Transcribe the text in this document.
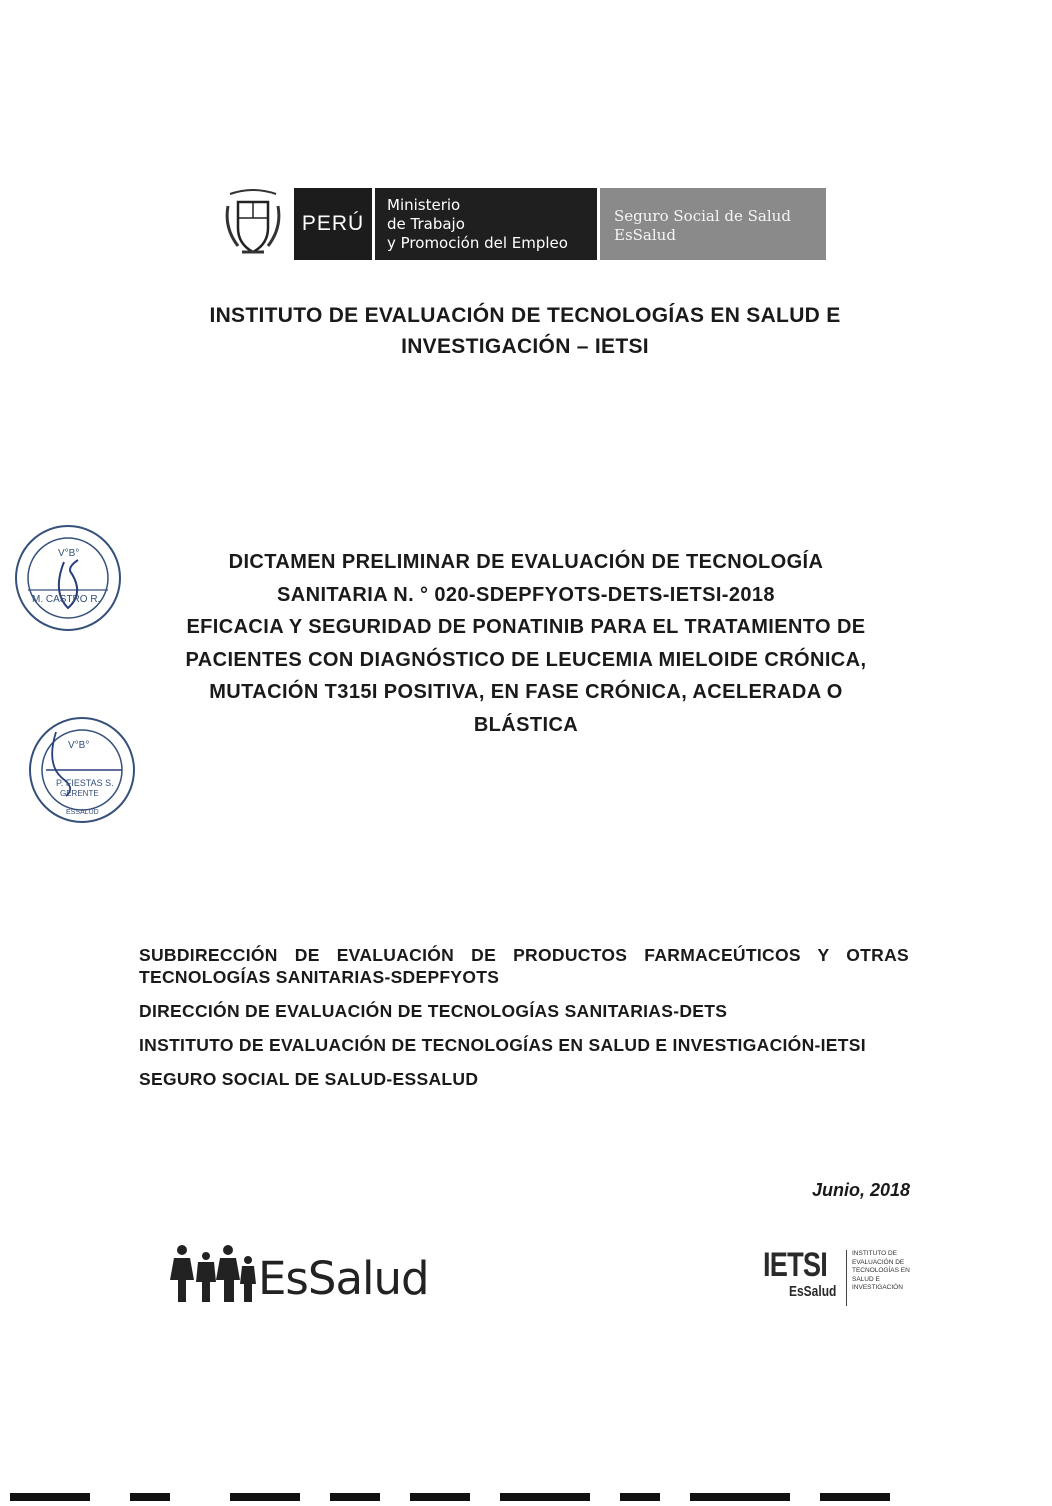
PERÚ
Ministerio
de Trabajo
y Promoción del Empleo
Seguro Social de Salud
EsSalud
INSTITUTO DE EVALUACIÓN DE TECNOLOGÍAS EN SALUD E
INVESTIGACIÓN – IETSI
V°B°
M. CASTRO R.
V°B°
P. FIESTAS S.
GERENTE
ESSALUD
DICTAMEN PRELIMINAR DE EVALUACIÓN DE TECNOLOGÍA
SANITARIA N. ° 020-SDEPFYOTS-DETS-IETSI-2018
EFICACIA Y SEGURIDAD DE PONATINIB PARA EL TRATAMIENTO DE
PACIENTES CON DIAGNÓSTICO DE LEUCEMIA MIELOIDE CRÓNICA,
MUTACIÓN T315I POSITIVA, EN FASE CRÓNICA, ACELERADA O
BLÁSTICA

SUBDIRECCIÓN DE EVALUACIÓN DE PRODUCTOS FARMACEÚTICOS Y OTRAS TECNOLOGÍAS SANITARIAS-SDEPFYOTS

DIRECCIÓN DE EVALUACIÓN DE TECNOLOGÍAS SANITARIAS-DETS

INSTITUTO DE EVALUACIÓN DE TECNOLOGÍAS EN SALUD E INVESTIGACIÓN-IETSI

SEGURO SOCIAL DE SALUD-ESSALUD

Junio, 2018
EsSalud	IETSI
EsSalud
INSTITUTO DE
EVALUACIÓN DE
TECNOLOGÍAS EN
SALUD E
INVESTIGACIÓN
